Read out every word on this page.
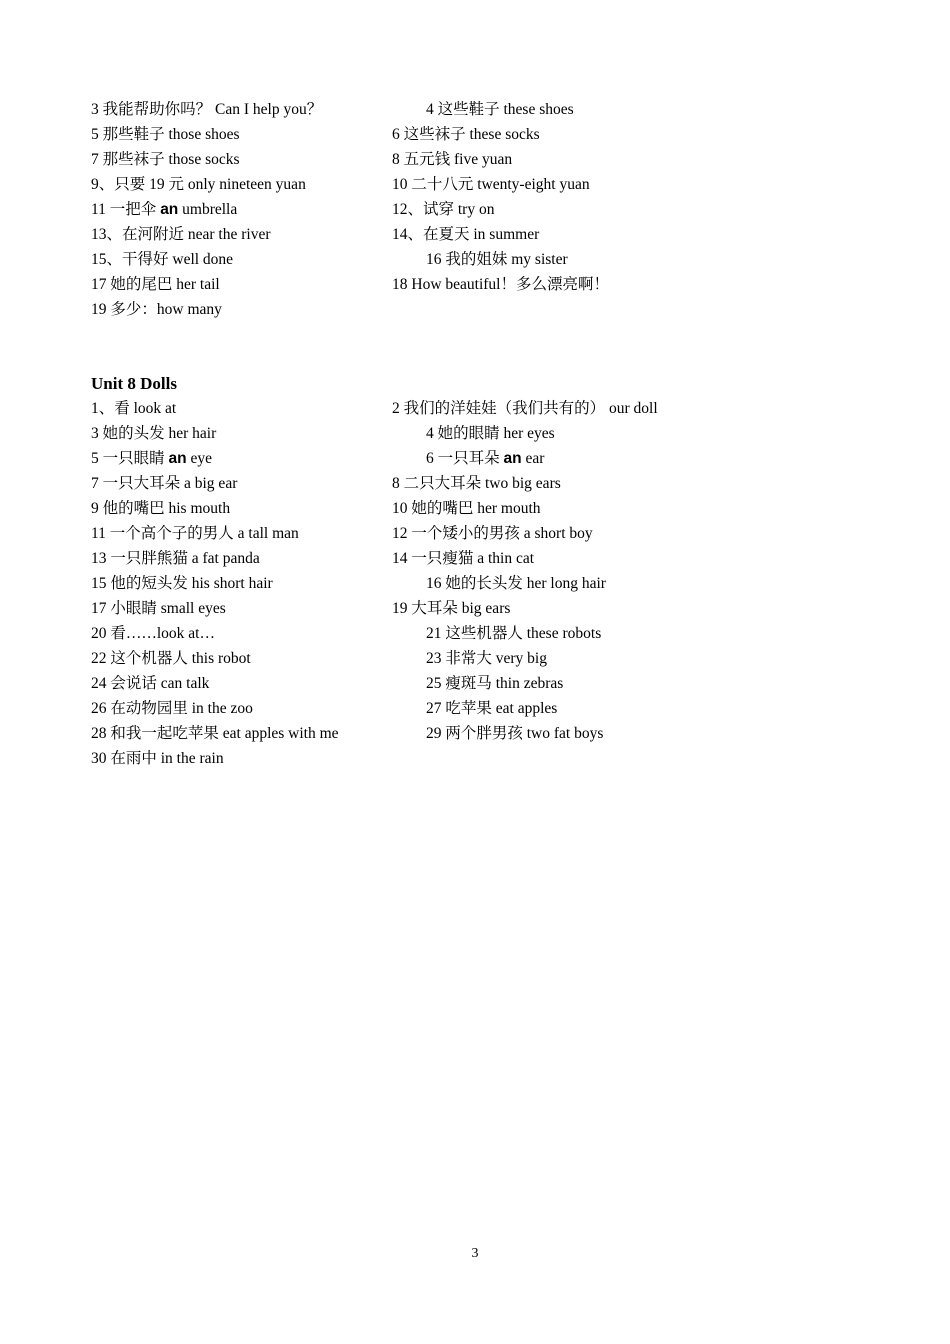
3 我能帮助你吗？ Can I help you？	4 这些鞋子 these shoes
5 那些鞋子 those shoes	6 这些袜子 these socks
7 那些袜子 those socks	8 五元钱 five yuan
9、只要 19 元 only nineteen yuan	10 二十八元 twenty-eight yuan
11 一把伞 an umbrella	12、试穿 try on
13、在河附近 near the river	14、在夏天 in summer
15、干得好 well done	16 我的姐妹 my sister
17 她的尾巴 her tail	18 How beautiful！多么漂亮啊！
19 多少：how many
Unit 8 Dolls
1、看 look at	2 我们的洋娃娃（我们共有的） our doll
3 她的头发 her hair	4 她的眼睛 her eyes
5 一只眼睛 an eye	6 一只耳朵 an ear
7 一只大耳朵 a big ear	8 二只大耳朵 two big ears
9 他的嘴巴 his mouth	10 她的嘴巴 her mouth
11 一个高个子的男人 a tall man	12 一个矮小的男孩 a short boy
13 一只胖熊猫 a fat panda	14 一只瘦猫 a thin cat
15 他的短头发 his short hair	16 她的长头发 her long hair
17 小眼睛 small eyes	19 大耳朵 big ears
20 看……look at…	21 这些机器人 these robots
22 这个机器人 this robot	23 非常大 very big
24 会说话 can talk	25 瘦斑马 thin zebras
26 在动物园里 in the zoo	27 吃苹果 eat apples
28 和我一起吃苹果 eat apples with me	29 两个胖男孩 two fat boys
30 在雨中 in the rain
3
